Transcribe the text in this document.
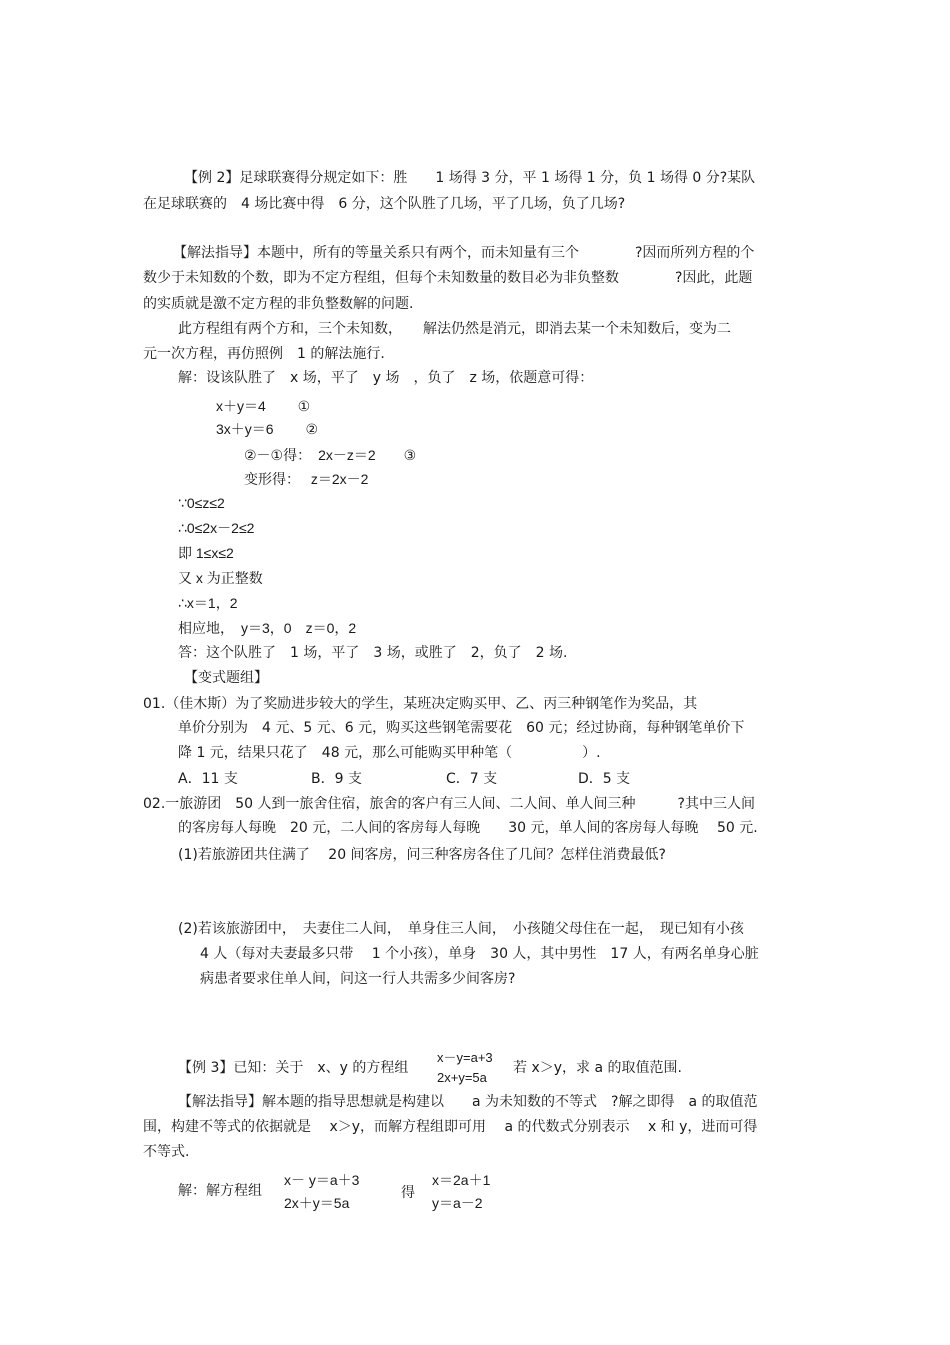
【例 2】足球联赛得分规定如下：胜　　1 场得 3 分，平 1 场得 1 分，负 1 场得 0 分?某队
在足球联赛的　4 场比赛中得　6 分，这个队胜了几场，平了几场，负了几场?
【解法指导】本题中，所有的等量关系只有两个，而未知量有三个　　　　?因而所列方程的个
数少于未知数的个数，即为不定方程组，但每个未知数量的数目必为非负整数　　　　?因此，此题
的实质就是激不定方程的非负整数解的问题.
此方程组有两个方和，三个未知数，　　解法仍然是消元，即消去某一个未知数后，变为二
元一次方程，再仿照例　1 的解法施行.
解：设该队胜了　x 场，平了　y 场　，负了　z 场，依题意可得：
x＋y＝4　　 ①
3x＋y＝6　　 ②
②－①得：　2x－z＝2　　③
变形得：　 z＝2x－2
∵0≤z≤2
∴0≤2x－2≤2
即 1≤x≤2
又 x 为正整数
∴x＝1，2
相应地，　y＝3，0　z＝0，2
答：这个队胜了　1 场，平了　3 场，或胜了　2，负了　2 场.
【变式题组】
01.（佳木斯）为了奖励进步较大的学生，某班决定购买甲、乙、丙三种钢笔作为奖品，其
单价分别为　4 元、5 元、6 元，购买这些钢笔需要花　60 元；经过协商，每种钢笔单价下
降 1 元，结果只花了　48 元，那么可能购买甲种笔（　　　　　）.
A．11 支	B．9 支	C．7 支	D．5 支
02.一旅游团　50 人到一旅舍住宿，旅舍的客户有三人间、二人间、单人间三种　　　?其中三人间
的客房每人每晚　20 元，二人间的客房每人每晚　　30 元，单人间的客房每人每晚　 50 元.
(1)若旅游团共住满了　 20 间客房，问三种客房各住了几间？怎样住消费最低?
(2)若该旅游团中，　夫妻住二人间，　单身住三人间，　小孩随父母住在一起，　现已知有小孩
4 人（每对夫妻最多只带　 1 个小孩），单身　30 人，其中男性　17 人，有两名单身心脏
病患者要求住单人间，问这一行人共需多少间客房?
【例 3】已知：关于　x、y 的方程组
x－y=a+3
2x+y=5a
若 x＞y，求 a 的取值范围.
【解法指导】解本题的指导思想就是构建以　　a 为未知数的不等式　?解之即得　a 的取值范
围，构建不等式的依据就是　 x＞y，而解方程组即可用　 a 的代数式分别表示　 x 和 y，进而可得
不等式.
解：解方程组
x－ y＝a＋3
2x＋y＝5a
得
x＝2a＋1
y＝a－2
